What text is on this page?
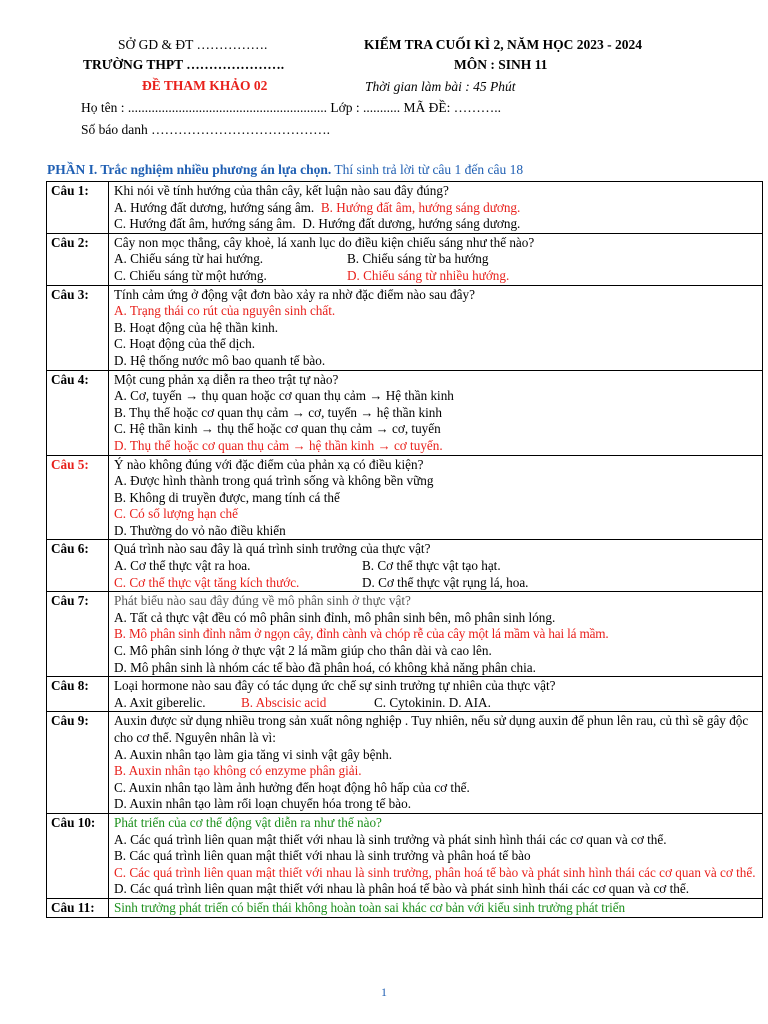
SỞ GD & ĐT …………….
TRƯỜNG THPT ………………….
ĐỀ THAM KHẢO 02
KIỂM TRA CUỐI KÌ 2, NĂM HỌC 2023 - 2024
MÔN : SINH 11
Thời gian làm bài : 45 Phút
Họ tên : ........................................................... Lớp : ........... MÃ ĐỀ: ………..
Số báo danh ………………………………….
PHẦN I. Trắc nghiệm nhiều phương án lựa chọn. Thí sinh trả lời từ câu 1 đến câu 18
Câu 1:	Khi nói về tính hướng của thân cây, kết luận nào sau đây đúng?
A. Hướng đất dương, hướng sáng âm. B. Hướng đất âm, hướng sáng dương.
C. Hướng đất âm, hướng sáng âm. D. Hướng đất dương, hướng sáng dương.

Câu 2:	Cây non mọc thẳng, cây khoẻ, lá xanh lục do điều kiện chiếu sáng như thế nào?
A. Chiếu sáng từ hai hướng. B. Chiếu sáng từ ba hướng
C. Chiếu sáng từ một hướng. D. Chiếu sáng từ nhiều hướng.

Câu 3:	Tính cảm ứng ở động vật đơn bào xảy ra nhờ đặc điểm nào sau đây?
A. Trạng thái co rút của nguyên sinh chất.
B. Hoạt động của hệ thần kinh.
C. Hoạt động của thể dịch.
D. Hệ thống nước mô bao quanh tế bào.

Câu 4:	Một cung phản xạ diễn ra theo trật tự nào?
A. Cơ, tuyến → thụ quan hoặc cơ quan thụ cảm → Hệ thần kinh
B. Thụ thể hoặc cơ quan thụ cảm → cơ, tuyến → hệ thần kinh
C. Hệ thần kinh → thụ thể hoặc cơ quan thụ cảm → cơ, tuyến
D. Thụ thể hoặc cơ quan thụ cảm → hệ thần kinh → cơ tuyến.

Câu 5:	Ý nào không đúng với đặc điểm của phản xạ có điều kiện?
A. Được hình thành trong quá trình sống và không bền vững
B. Không di truyền được, mang tính cá thể
C. Có số lượng hạn chế
D. Thường do vỏ não điều khiển

Câu 6:	Quá trình nào sau đây là quá trình sinh trưởng của thực vật?
A. Cơ thể thực vật ra hoa. B. Cơ thể thực vật tạo hạt.
C. Cơ thể thực vật tăng kích thước. D. Cơ thể thực vật rụng lá, hoa.

Câu 7:	Phát biểu nào sau đây đúng về mô phân sinh ở thực vật?
A. Tất cả thực vật đều có mô phân sinh đỉnh, mô phân sinh bên, mô phân sinh lóng.
B. Mô phân sinh đỉnh nằm ở ngọn cây, đỉnh cành và chóp rễ của cây một lá mầm và hai lá mầm.
C. Mô phân sinh lóng ở thực vật 2 lá mầm giúp cho thân dài và cao lên.
D. Mô phân sinh là nhóm các tế bào đã phân hoá, có không khả năng phân chia.

Câu 8:	Loại hormone nào sau đây có tác dụng ức chế sự sinh trưởng tự nhiên của thực vật?
A. Axit giberelic. B. Abscisic acid C. Cytokinin. D. AIA.

Câu 9:	Auxin được sử dụng nhiều trong sản xuất nông nghiệp . Tuy nhiên, nếu sử dụng auxin để phun lên rau, củ thì sẽ gây độc cho cơ thể. Nguyên nhân là vì:
A. Auxin nhân tạo làm gia tăng vi sinh vật gây bệnh.
B. Auxin nhân tạo không có enzyme phân giải.
C. Auxin nhân tạo làm ảnh hưởng đến hoạt động hô hấp của cơ thể.
D. Auxin nhân tạo làm rối loạn chuyển hóa trong tế bào.

Câu 10:	Phát triển của cơ thể động vật diễn ra như thế nào?
A. Các quá trình liên quan mật thiết với nhau là sinh trưởng và phát sinh hình thái các cơ quan và cơ thể.
B. Các quá trình liên quan mật thiết với nhau là sinh trưởng và phân hoá tế bào
C. Các quá trình liên quan mật thiết với nhau là sinh trưởng, phân hoá tế bào và phát sinh hình thái các cơ quan và cơ thể.
D. Các quá trình liên quan mật thiết với nhau là phân hoá tế bào và phát sinh hình thái các cơ quan và cơ thể.

Câu 11:	Sinh trưởng phát triển có biến thái không hoàn toàn sai khác cơ bản với kiểu sinh trưởng phát triển
1
